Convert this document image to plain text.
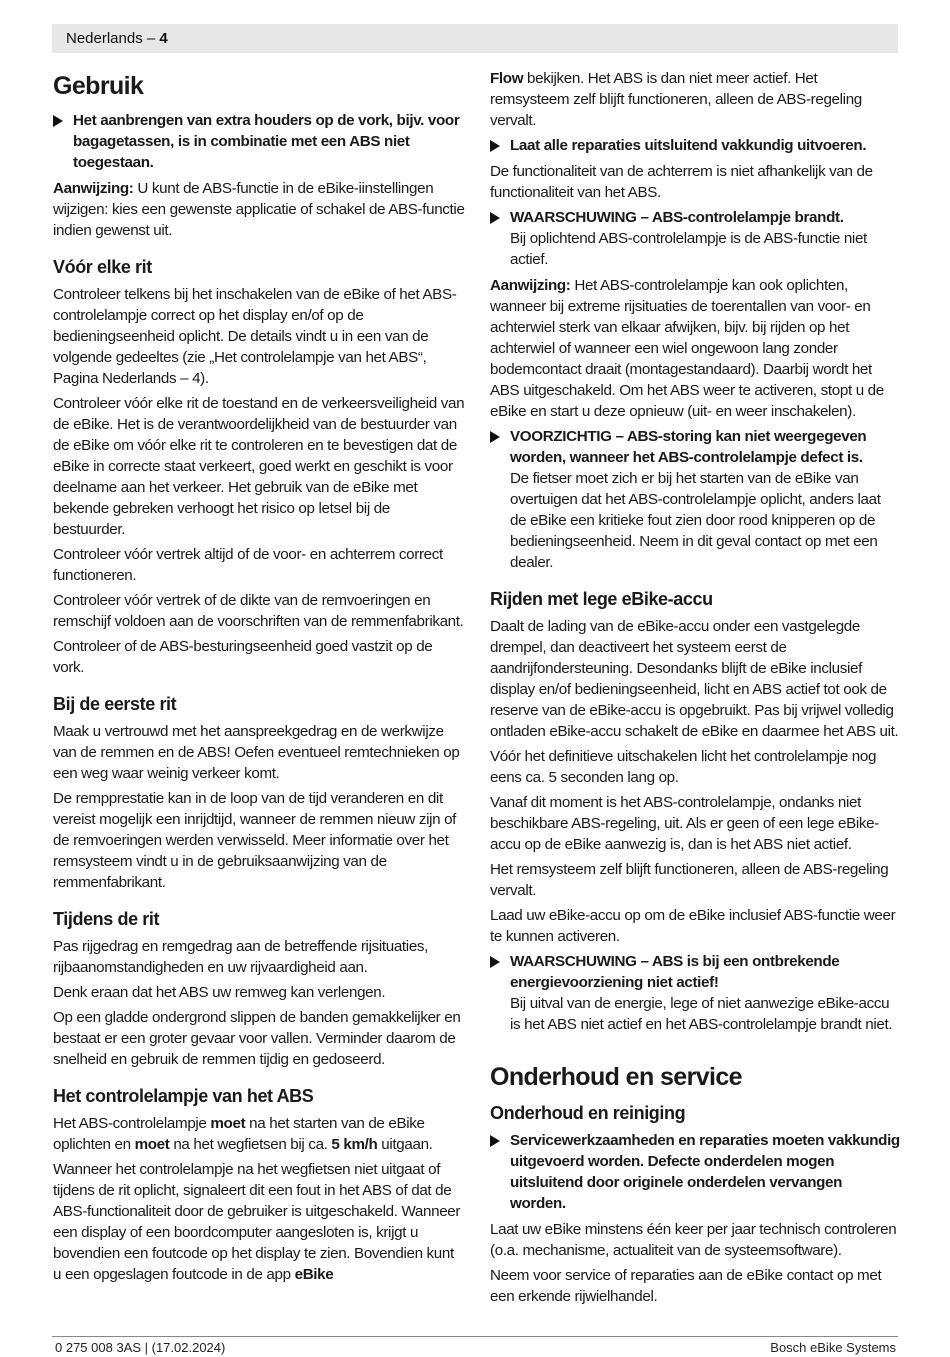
Nederlands – 4
Gebruik
Het aanbrengen van extra houders op de vork, bijv. voor bagagetassen, is in combinatie met een ABS niet toegestaan.

Aanwijzing: U kunt de ABS-functie in de eBike-iinstellingen wijzigen: kies een gewenste applicatie of schakel de ABS-functie indien gewenst uit.

Vóór elke rit

Controleer telkens bij het inschakelen van de eBike of het ABS-controlelampje correct op het display en/of op de bedieningseenheid oplicht. De details vindt u in een van de volgende gedeeltes (zie „Het controlelampje van het ABS“, Pagina Nederlands – 4).

Controleer vóór elke rit de toestand en de verkeersveiligheid van de eBike. Het is de verantwoordelijkheid van de bestuurder van de eBike om vóór elke rit te controleren en te bevestigen dat de eBike in correcte staat verkeert, goed werkt en geschikt is voor deelname aan het verkeer. Het gebruik van de eBike met bekende gebreken verhoogt het risico op letsel bij de bestuurder.

Controleer vóór vertrek altijd of de voor- en achterrem correct functioneren.

Controleer vóór vertrek of de dikte van de remvoeringen en remschijf voldoen aan de voorschriften van de remmenfabrikant.

Controleer of de ABS-besturingseenheid goed vastzit op de vork.

Bij de eerste rit

Maak u vertrouwd met het aanspreekgedrag en de werkwijze van de remmen en de ABS! Oefen eventueel remtechnieken op een weg waar weinig verkeer komt.

De rempprestatie kan in de loop van de tijd veranderen en dit vereist mogelijk een inrijdtijd, wanneer de remmen nieuw zijn of de remvoeringen werden verwisseld. Meer informatie over het remsysteem vindt u in de gebruiksaanwijzing van de remmenfabrikant.

Tijdens de rit

Pas rijgedrag en remgedrag aan de betreffende rijsituaties, rijbaanomstandigheden en uw rijvaardigheid aan.

Denk eraan dat het ABS uw remweg kan verlengen.

Op een gladde ondergrond slippen de banden gemakkelijker en bestaat er een groter gevaar voor vallen. Verminder daarom de snelheid en gebruik de remmen tijdig en gedoseerd.

Het controlelampje van het ABS

Het ABS-controlelampje moet na het starten van de eBike oplichten en moet na het wegfietsen bij ca. 5 km/h uitgaan.

Wanneer het controlelampje na het wegfietsen niet uitgaat of tijdens de rit oplicht, signaleert dit een fout in het ABS of dat de ABS-functionaliteit door de gebruiker is uitgeschakeld. Wanneer een display of een boordcomputer aangesloten is, krijgt u bovendien een foutcode op het display te zien. Bovendien kunt u een opgeslagen foutcode in de app eBike

Flow bekijken. Het ABS is dan niet meer actief. Het remsysteem zelf blijft functioneren, alleen de ABS-regeling vervalt.

Laat alle reparaties uitsluitend vakkundig uitvoeren.

De functionaliteit van de achterrem is niet afhankelijk van de functionaliteit van het ABS.

WAARSCHUWING – ABS-controlelampje brandt.
Bij oplichtend ABS-controlelampje is de ABS-functie niet actief.

Aanwijzing: Het ABS-controlelampje kan ook oplichten, wanneer bij extreme rijsituaties de toerentallen van voor- en achterwiel sterk van elkaar afwijken, bijv. bij rijden op het achterwiel of wanneer een wiel ongewoon lang zonder bodemcontact draait (montagestandaard). Daarbij wordt het ABS uitgeschakeld. Om het ABS weer te activeren, stopt u de eBike en start u deze opnieuw (uit- en weer inschakelen).

VOORZICHTIG – ABS-storing kan niet weergegeven worden, wanneer het ABS-controlelampje defect is.
De fietser moet zich er bij het starten van de eBike van overtuigen dat het ABS-controlelampje oplicht, anders laat de eBike een kritieke fout zien door rood knipperen op de bedieningseenheid. Neem in dit geval contact op met een dealer.
Rijden met lege eBike-accu

Daalt de lading van de eBike-accu onder een vastgelegde drempel, dan deactiveert het systeem eerst de aandrijfondersteuning. Desondanks blijft de eBike inclusief display en/of bedieningseenheid, licht en ABS actief tot ook de reserve van de eBike-accu is opgebruikt. Pas bij vrijwel volledig ontladen eBike-accu schakelt de eBike en daarmee het ABS uit.

Vóór het definitieve uitschakelen licht het controlelampje nog eens ca. 5 seconden lang op.

Vanaf dit moment is het ABS-controlelampje, ondanks niet beschikbare ABS-regeling, uit. Als er geen of een lege eBike-accu op de eBike aanwezig is, dan is het ABS niet actief.

Het remsysteem zelf blijft functioneren, alleen de ABS-regeling vervalt.

Laad uw eBike-accu op om de eBike inclusief ABS-functie weer te kunnen activeren.

WAARSCHUWING – ABS is bij een ontbrekende energievoorziening niet actief!
Bij uitval van de energie, lege of niet aanwezige eBike-accu is het ABS niet actief en het ABS-controlelampje brandt niet.
Onderhoud en service
Onderhoud en reiniging
Servicewerkzaamheden en reparaties moeten vakkundig uitgevoerd worden. Defecte onderdelen mogen uitsluitend door originele onderdelen vervangen worden.

Laat uw eBike minstens één keer per jaar technisch controleren (o.a. mechanisme, actualiteit van de systeemsoftware).

Neem voor service of reparaties aan de eBike contact op met een erkende rijwielhandel.

0 275 008 3AS | (17.02.2024)	Bosch eBike Systems
